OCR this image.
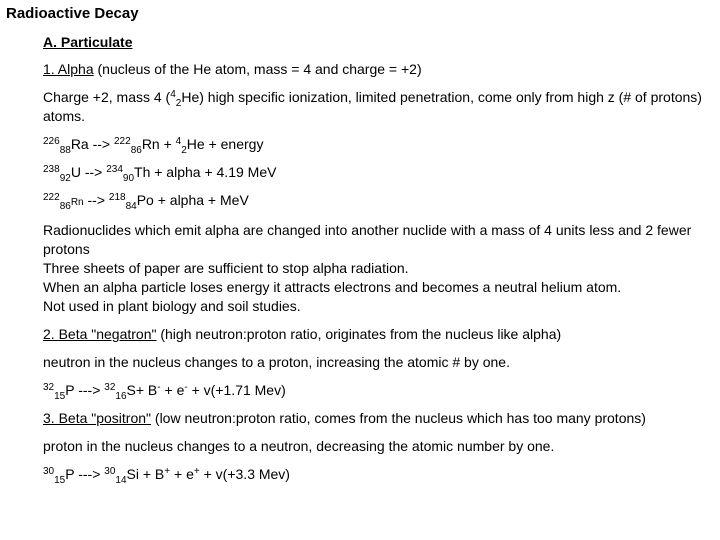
Radioactive Decay
A. Particulate

1. Alpha (nucleus of the He atom, mass = 4 and charge = +2)

Charge +2, mass 4 ($^4_2$He) high specific ionization, limited penetration, come only from high z (# of protons) atoms.

$^{226}_{88}$Ra --> $^{222}_{86}$Rn + $^4_2$He + energy

$^{238}_{92}$U --> $^{234}_{90}$Th + alpha + 4.19 MeV

$^{222}_{86}$Rn --> $^{218}_{84}$Po + alpha + MeV

Radionuclides which emit alpha are changed into another nuclide with a mass of 4 units less and 2 fewer protons

Three sheets of paper are sufficient to stop alpha radiation.

When an alpha particle loses energy it attracts electrons and becomes a neutral helium atom.

Not used in plant biology and soil studies.

2. Beta "negatron" (high neutron:proton ratio, originates from the nucleus like alpha)

neutron in the nucleus changes to a proton, increasing the atomic # by one.

$^{32}_{15}$P ---> $^{32}_{16}$S+ B- + e- + v(+1.71 Mev)

3. Beta "positron" (low neutron:proton ratio, comes from the nucleus which has too many protons)

proton in the nucleus changes to a neutron, decreasing the atomic number by one.

$^{30}_{15}$P ---> $^{30}_{14}$Si + B+ + e+ + v(+3.3 Mev)
